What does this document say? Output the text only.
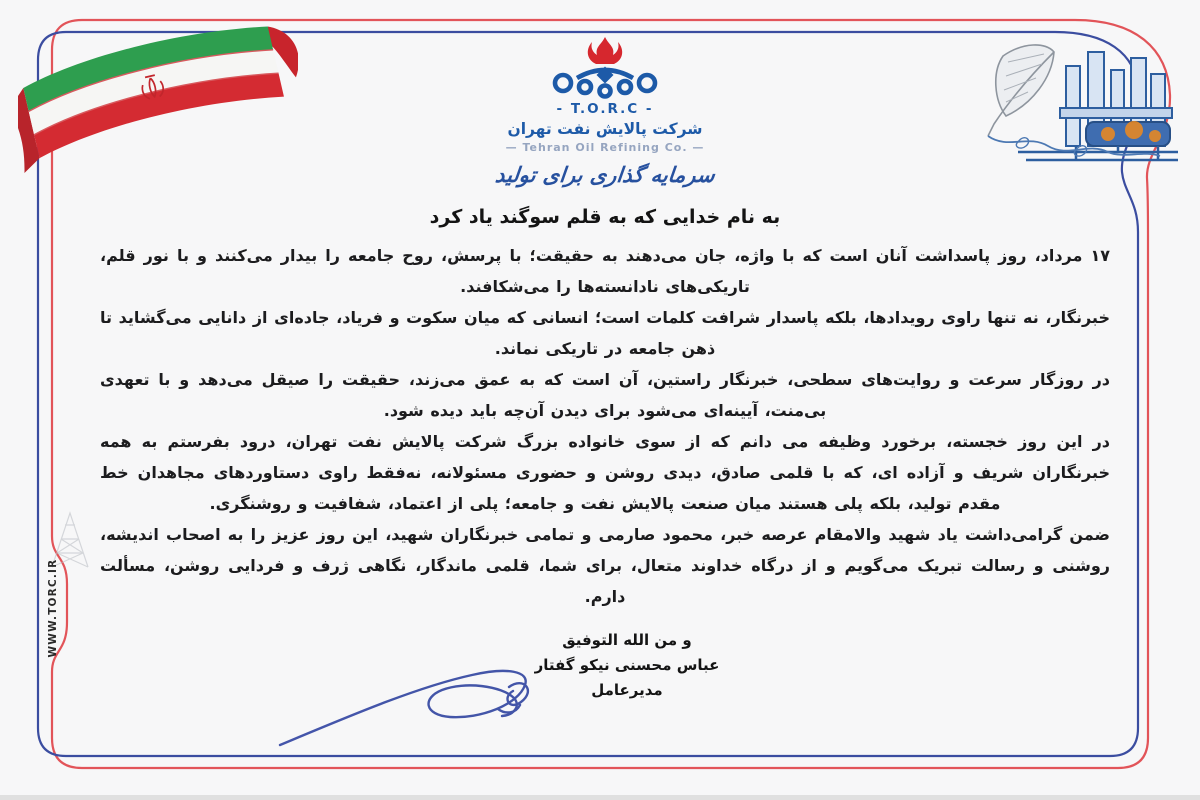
WWW.TORC.IR
- T.O.R.C -
شرکت پالایش نفت تهران
— Tehran Oil Refining Co. —
سرمایه گذاری برای تولید
به نام خدایی که به قلم سوگند یاد کرد

۱۷ مرداد، روز پاسداشت آنان است که با واژه، جان می‌دهند به حقیقت؛ با پرسش، روح جامعه را بیدار می‌کنند و با نور قلم، تاریکی‌های نادانسته‌ها را می‌شکافند.

خبرنگار، نه تنها راوی رویدادها، بلکه پاسدار شرافت کلمات است؛ انسانی که میان سکوت و فریاد، جاده‌ای از دانایی می‌گشاید تا ذهن جامعه در تاریکی نماند.

در روزگار سرعت و روایت‌های سطحی، خبرنگار راستین، آن است که به عمق می‌زند، حقیقت را صیقل می‌دهد و با تعهدی بی‌منت، آیینه‌ای می‌شود برای دیدن آن‌چه باید دیده شود.

در این روز خجسته، برخورد وظیفه می دانم که از سوی خانواده بزرگ شرکت پالایش نفت تهران، درود بفرستم به همه خبرنگاران شریف و آزاده ای، که با قلمی صادق، دیدی روشن و حضوری مسئولانه، نه‌فقط راوی دستاوردهای مجاهدان خط مقدم تولید، بلکه پلی هستند میان صنعت پالایش نفت و جامعه؛ پلی از اعتماد، شفافیت و روشنگری.

ضمن گرامی‌داشت یاد شهید والامقام عرصه خبر، محمود صارمی و تمامی خبرنگاران شهید، این روز عزیز را به اصحاب اندیشه، روشنی و رسالت تبریک می‌گویم و از درگاه خداوند متعال، برای شما، قلمی ماندگار، نگاهی ژرف و فردایی روشن، مسألت دارم.

و من الله التوفیق
عباس محسنی نیکو گفتار
مدیرعامل
